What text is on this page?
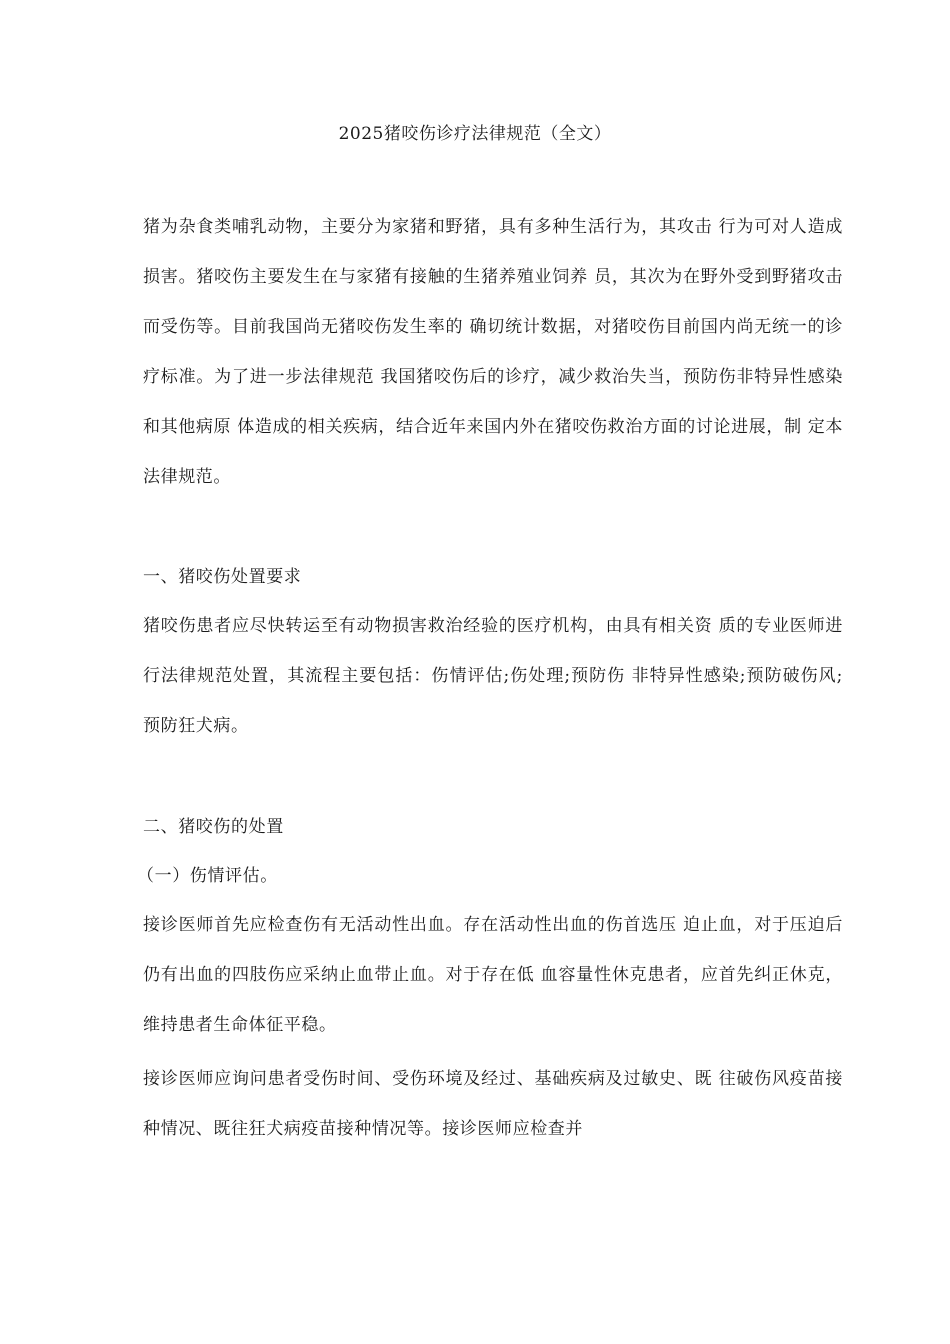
2025猪咬伤诊疗法律规范（全文）

猪为杂食类哺乳动物，主要分为家猪和野猪，具有多种生活行为，其攻击 行为可对人造成损害。猪咬伤主要发生在与家猪有接触的生猪养殖业饲养 员，其次为在野外受到野猪攻击而受伤等。目前我国尚无猪咬伤发生率的 确切统计数据，对猪咬伤目前国内尚无统一的诊疗标准。为了进一步法律规范 我国猪咬伤后的诊疗，减少救治失当，预防伤非特异性感染和其他病原 体造成的相关疾病，结合近年来国内外在猪咬伤救治方面的讨论进展，制 定本法律规范。

一、猪咬伤处置要求

猪咬伤患者应尽快转运至有动物损害救治经验的医疗机构，由具有相关资 质的专业医师进行法律规范处置，其流程主要包括：伤情评估;伤处理;预防伤 非特异性感染;预防破伤风;预防狂犬病。

二、猪咬伤的处置

（一）伤情评估。

接诊医师首先应检查伤有无活动性出血。存在活动性出血的伤首选压 迫止血，对于压迫后仍有出血的四肢伤应采纳止血带止血。对于存在低 血容量性休克患者，应首先纠正休克，维持患者生命体征平稳。

接诊医师应询问患者受伤时间、受伤环境及经过、基础疾病及过敏史、既 往破伤风疫苗接种情况、既往狂犬病疫苗接种情况等。接诊医师应检查并
